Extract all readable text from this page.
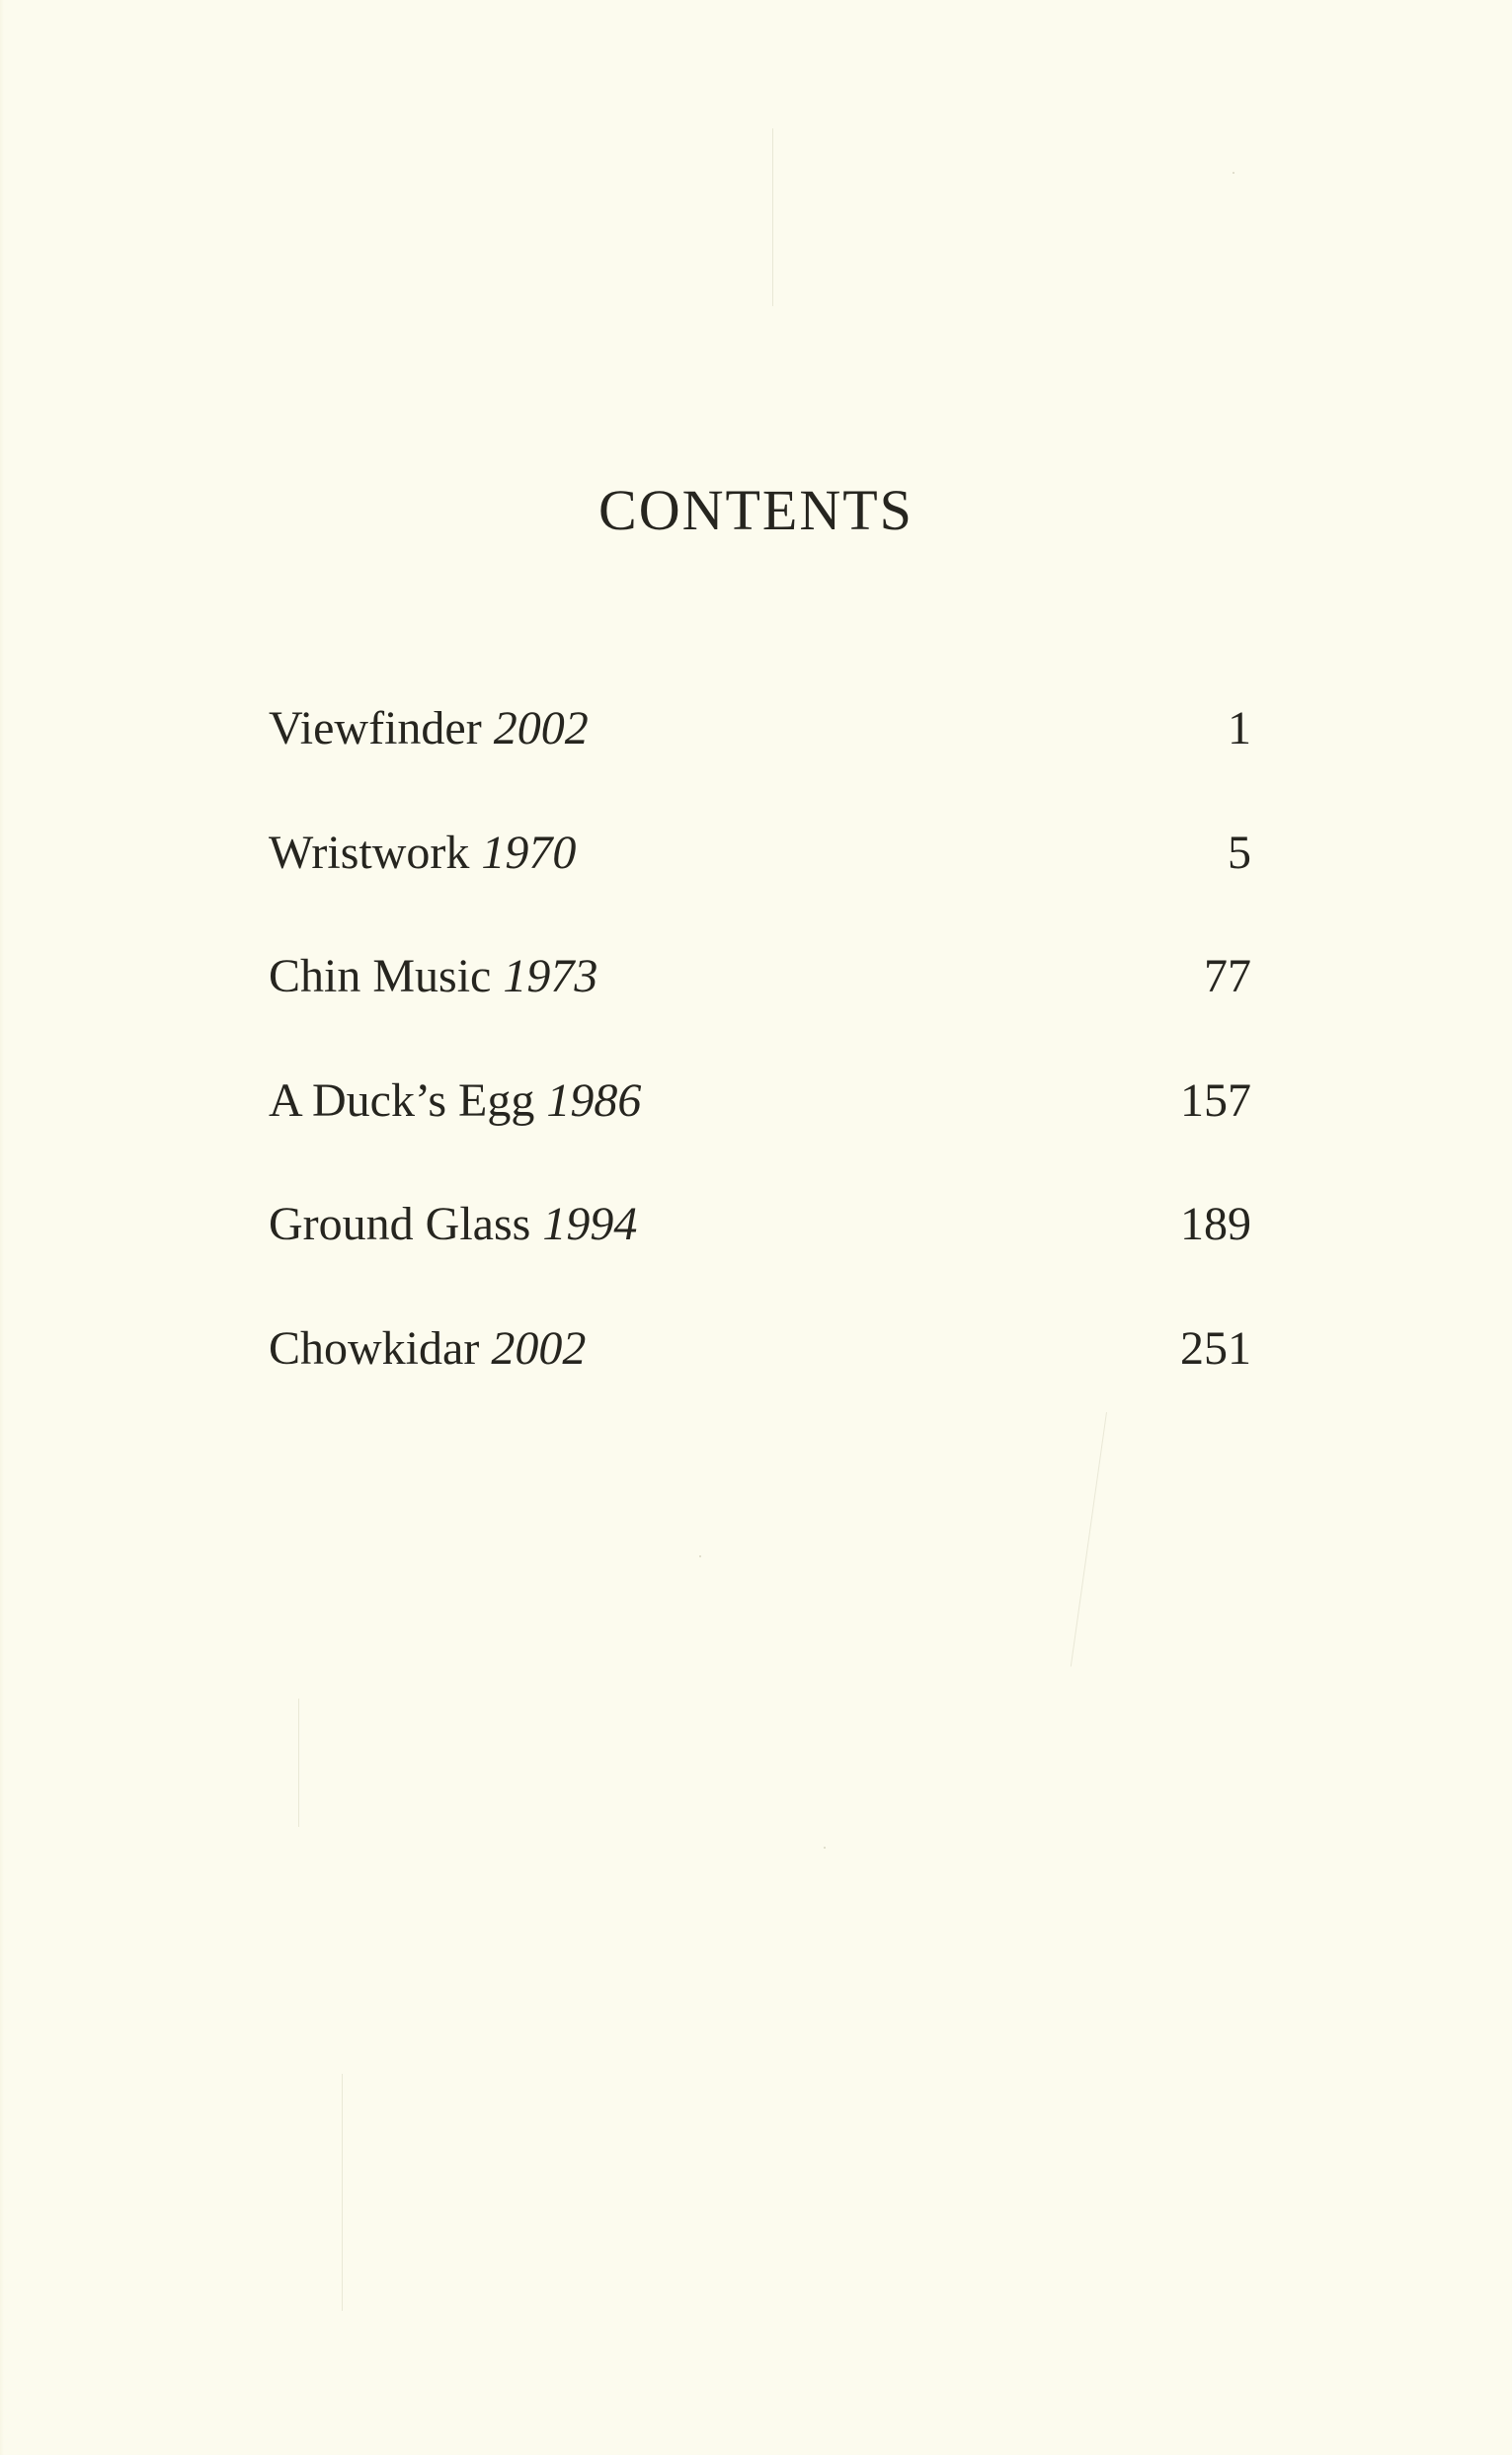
CONTENTS
Viewfinder 2002	1
Wristwork 1970	5
Chin Music 1973	77
A Duck’s Egg 1986	157
Ground Glass 1994	189
Chowkidar 2002	251
